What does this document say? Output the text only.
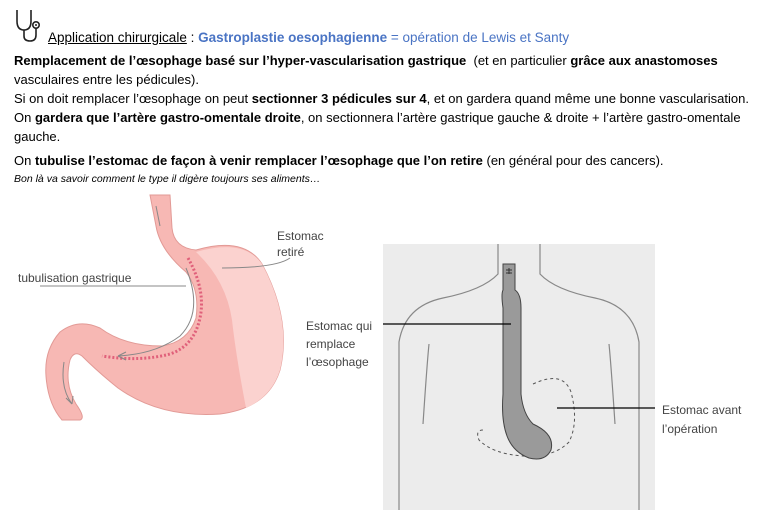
Application chirurgicale : Gastroplastie oesophagienne = opération de Lewis et Santy
Remplacement de l’œsophage basé sur l’hyper-vascularisation gastrique  (et en particulier grâce aux anastomoses vasculaires entre les pédicules).
Si on doit remplacer l’œsophage on peut sectionner 3 pédicules sur 4, et on gardera quand même une bonne vascularisation. On gardera que l’artère gastro-omentale droite, on sectionnera l’artère gastrique gauche & droite + l’artère gastro-omentale gauche.
On tubulise l’estomac de façon à venir remplacer l’œsophage que l’on retire (en général pour des cancers).
Bon là va savoir comment le type il digère toujours ses aliments…
tubulisation gastrique
Estomac
retiré
Estomac qui
remplace
l’œsophage
Estomac avant
l’opération
